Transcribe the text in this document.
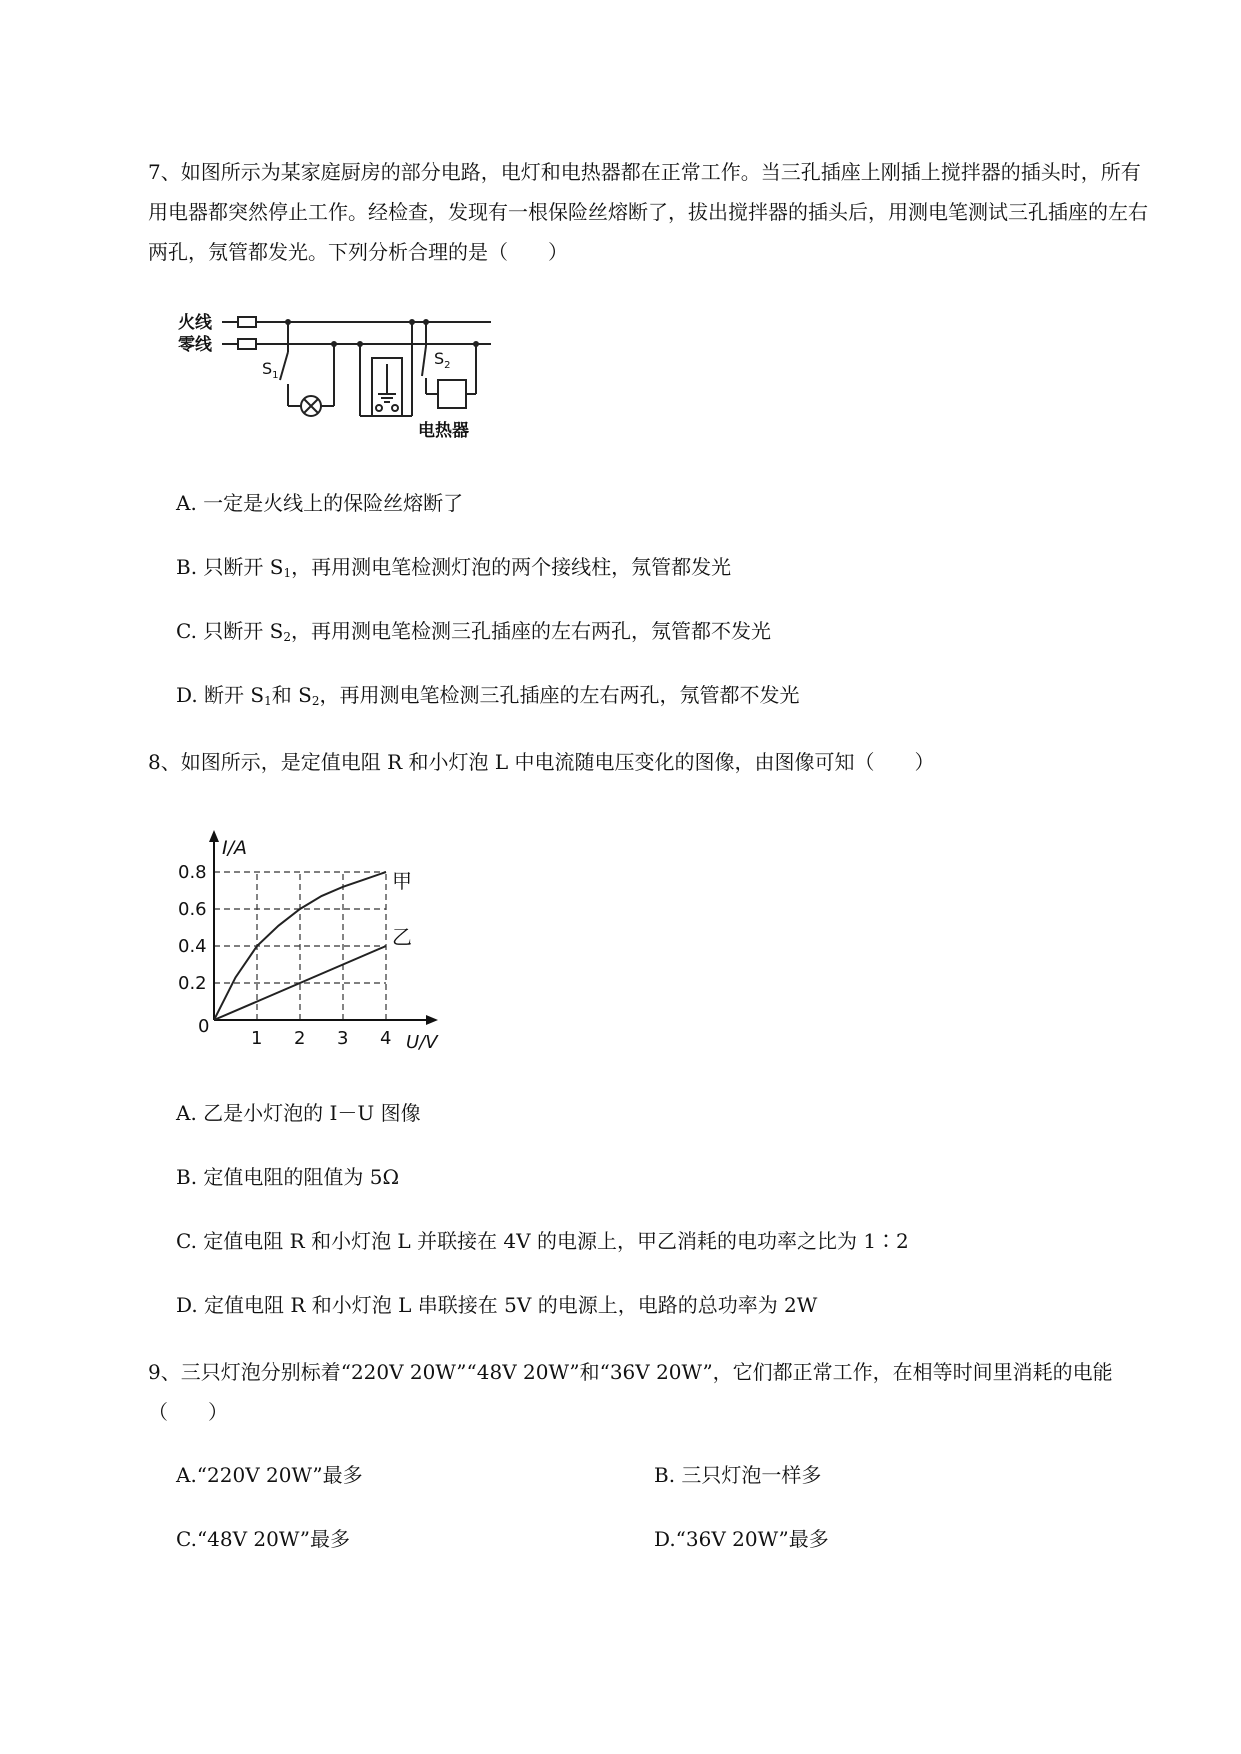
7、如图所示为某家庭厨房的部分电路，电灯和电热器都在正常工作。当三孔插座上刚插上搅拌器的插头时，所有用电器都突然停止工作。经检查，发现有一根保险丝熔断了，拔出搅拌器的插头后，用测电笔测试三孔插座的左右两孔，氖管都发光。下列分析合理的是（　　）

火线
零线
$S_1$
$S_2$
电热器

A. 一定是火线上的保险丝熔断了

B. 只断开 $S_1$，再用测电笔检测灯泡的两个接线柱，氖管都发光

C. 只断开 $S_2$，再用测电笔检测三孔插座的左右两孔，氖管都不发光

D. 断开 $S_1$和 $S_2$，再用测电笔检测三孔插座的左右两孔，氖管都不发光

8、如图所示，是定值电阻 R 和小灯泡 L 中电流随电压变化的图像，由图像可知（　　）

1 2 3 4
0.2
0.4
0.6
0.8
I/A
U/V
0
甲
乙

A. 乙是小灯泡的 I－U 图像

B. 定值电阻的阻值为 5Ω

C. 定值电阻 R 和小灯泡 L 并联接在 4V 的电源上，甲乙消耗的电功率之比为 1∶2

D. 定值电阻 R 和小灯泡 L 串联接在 5V 的电源上，电路的总功率为 2W

9、三只灯泡分别标着“220V 20W”“48V 20W”和“36V 20W”，它们都正常工作，在相等时间里消耗的电能（　　）

A.“220V 20W”最多	B. 三只灯泡一样多

C.“48V 20W”最多	D.“36V 20W”最多
